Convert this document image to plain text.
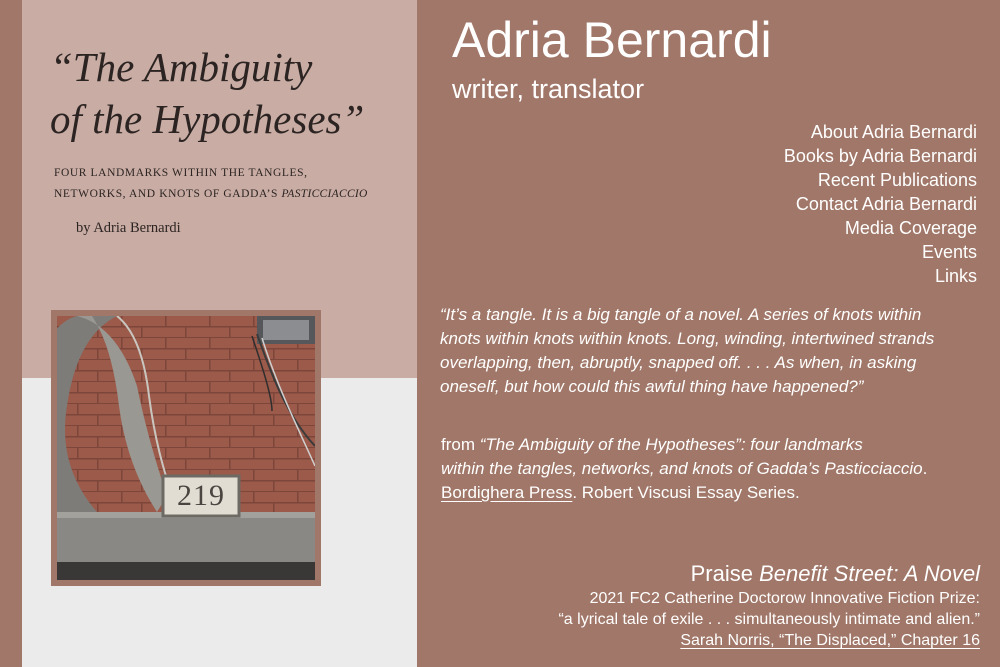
“The Ambiguity
of the Hypotheses”
FOUR LANDMARKS WITHIN THE TANGLES,
NETWORKS, AND KNOTS OF GADDA’S PASTICCIACCIO
by Adria Bernardi
219
Adria Bernardi
writer, translator
About Adria Bernardi
Books by Adria Bernardi
Recent Publications
Contact Adria Bernardi
Media Coverage
Events
Links
“It’s a tangle. It is a big tangle of a novel. A series of knots within
knots within knots within knots. Long, winding, intertwined strands
overlapping, then, abruptly, snapped off. . . . As when, in asking
oneself, but how could this awful thing have happened?”
from “The Ambiguity of the Hypotheses”: four landmarks
within the tangles, networks, and knots of Gadda’s Pasticciaccio.
Bordighera Press. Robert Viscusi Essay Series.
Praise Benefit Street: A Novel
2021 FC2 Catherine Doctorow Innovative Fiction Prize:
“a lyrical tale of exile . . . simultaneously intimate and alien.”
Sarah Norris, “The Displaced,” Chapter 16
